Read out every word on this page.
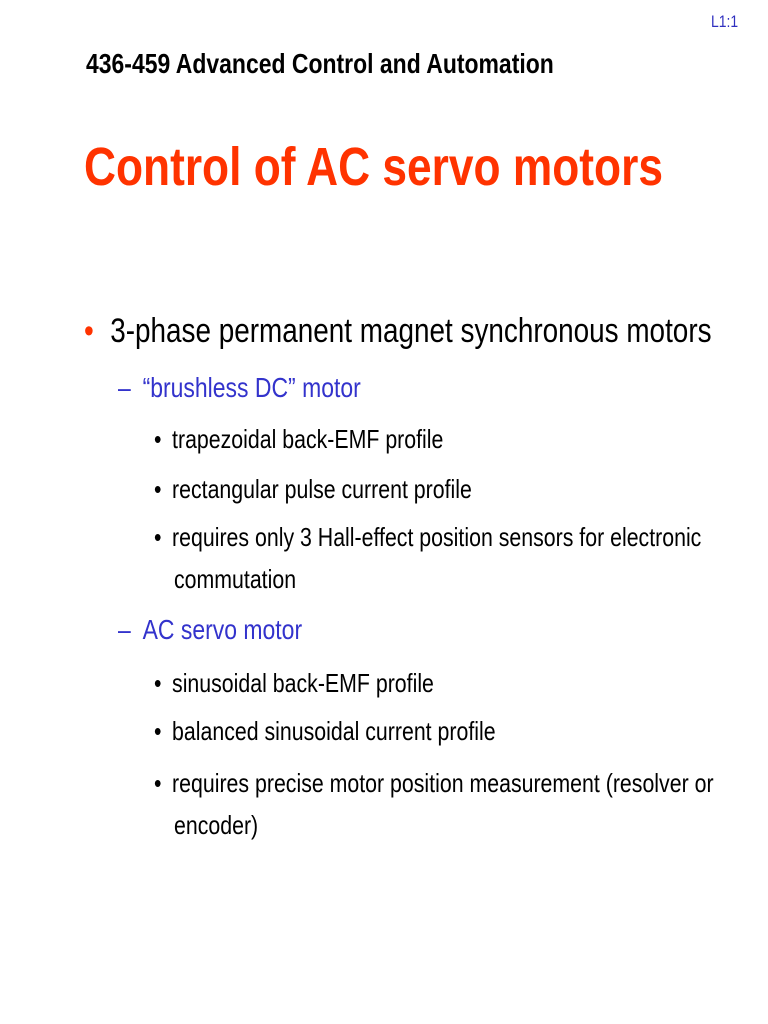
L1:1
436-459 Advanced Control and Automation
Control of AC servo motors
• 3-phase permanent magnet synchronous motors
– “brushless DC” motor
• trapezoidal back-EMF profile
• rectangular pulse current profile
• requires only 3 Hall-effect position sensors for electronic
commutation
– AC servo motor
• sinusoidal back-EMF profile
• balanced sinusoidal current profile
• requires precise motor position measurement (resolver or
encoder)
